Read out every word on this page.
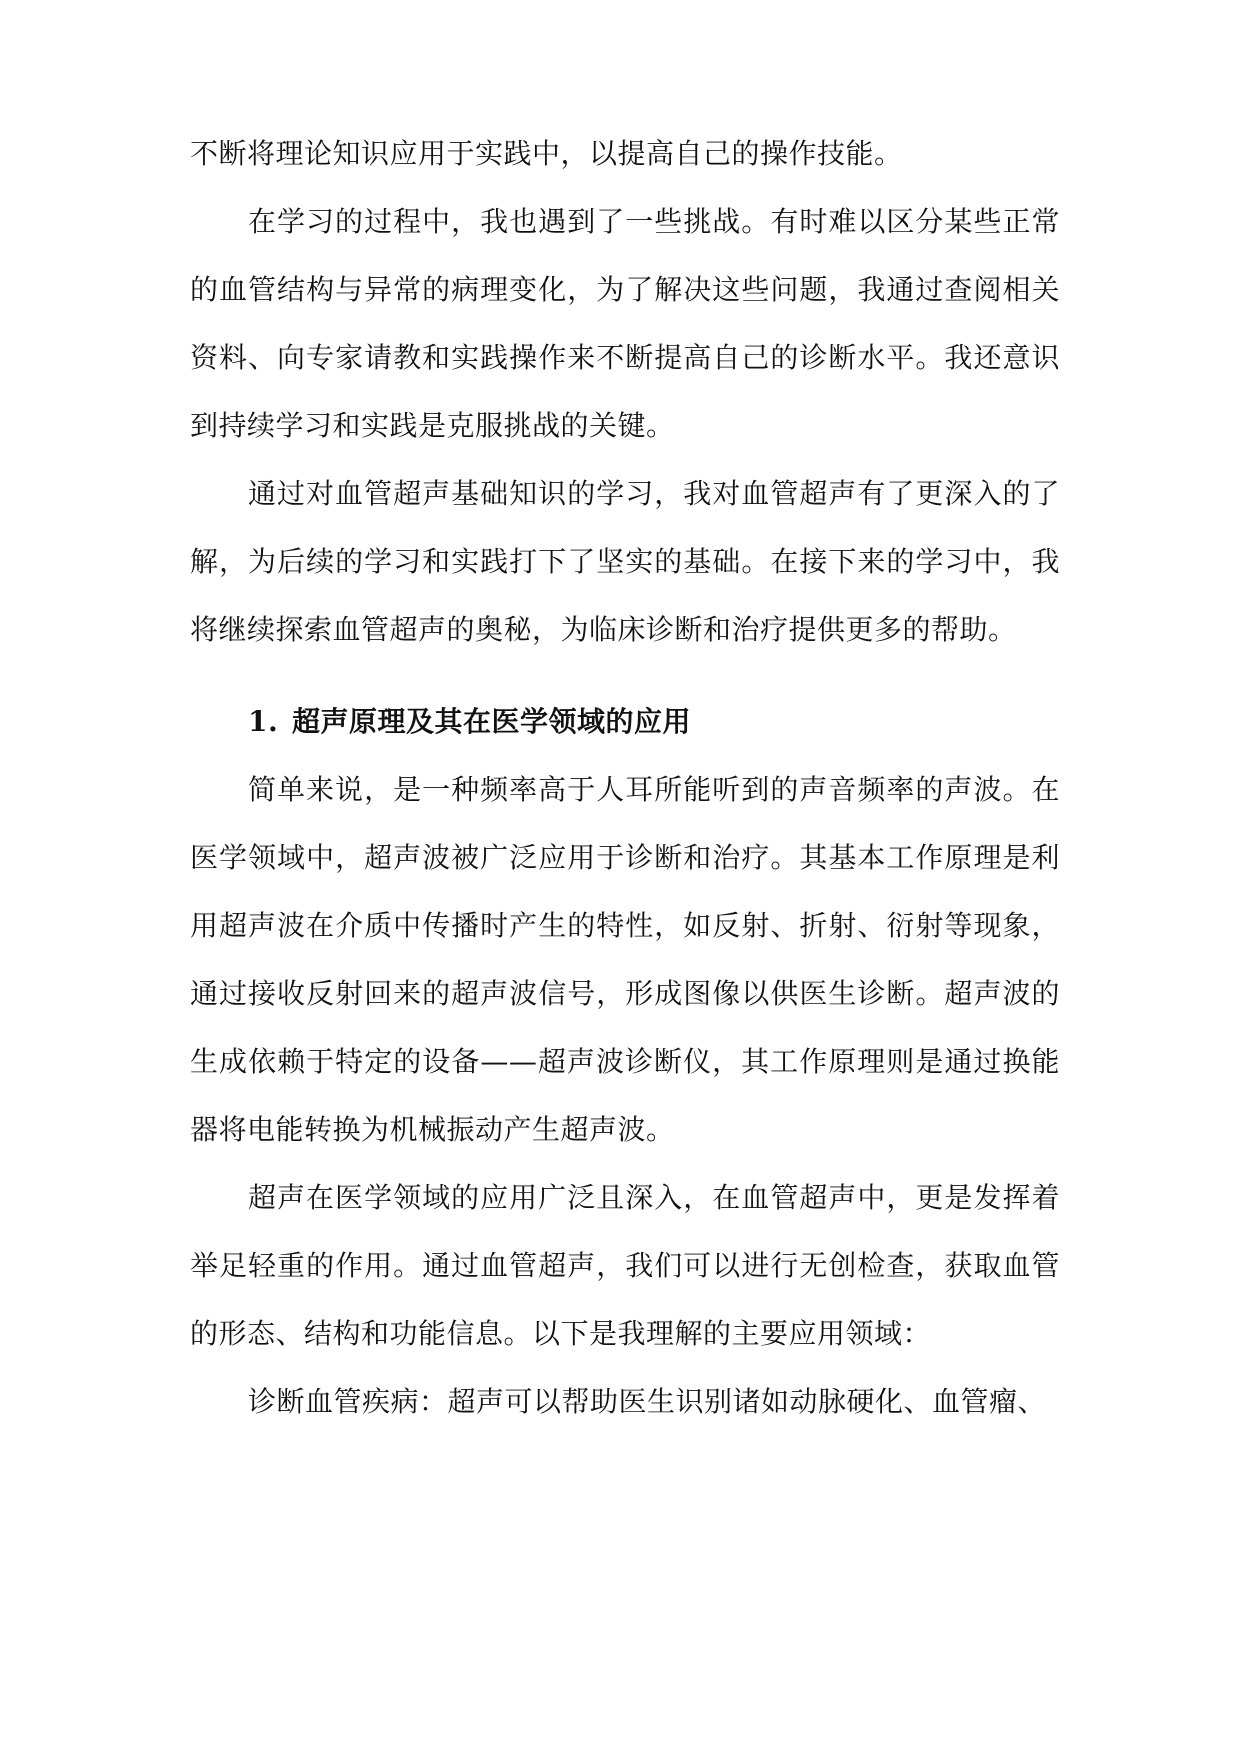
不断将理论知识应用于实践中，以提高自己的操作技能。

在学习的过程中，我也遇到了一些挑战。有时难以区分某些正常的血管结构与异常的病理变化，为了解决这些问题，我通过查阅相关资料、向专家请教和实践操作来不断提高自己的诊断水平。我还意识到持续学习和实践是克服挑战的关键。

通过对血管超声基础知识的学习，我对血管超声有了更深入的了解，为后续的学习和实践打下了坚实的基础。在接下来的学习中，我将继续探索血管超声的奥秘，为临床诊断和治疗提供更多的帮助。

1. 超声原理及其在医学领域的应用

简单来说，是一种频率高于人耳所能听到的声音频率的声波。在医学领域中，超声波被广泛应用于诊断和治疗。其基本工作原理是利用超声波在介质中传播时产生的特性，如反射、折射、衍射等现象，通过接收反射回来的超声波信号，形成图像以供医生诊断。超声波的生成依赖于特定的设备——超声波诊断仪，其工作原理则是通过换能器将电能转换为机械振动产生超声波。

超声在医学领域的应用广泛且深入，在血管超声中，更是发挥着举足轻重的作用。通过血管超声，我们可以进行无创检查，获取血管的形态、结构和功能信息。以下是我理解的主要应用领域：

诊断血管疾病：超声可以帮助医生识别诸如动脉硬化、血管瘤、
